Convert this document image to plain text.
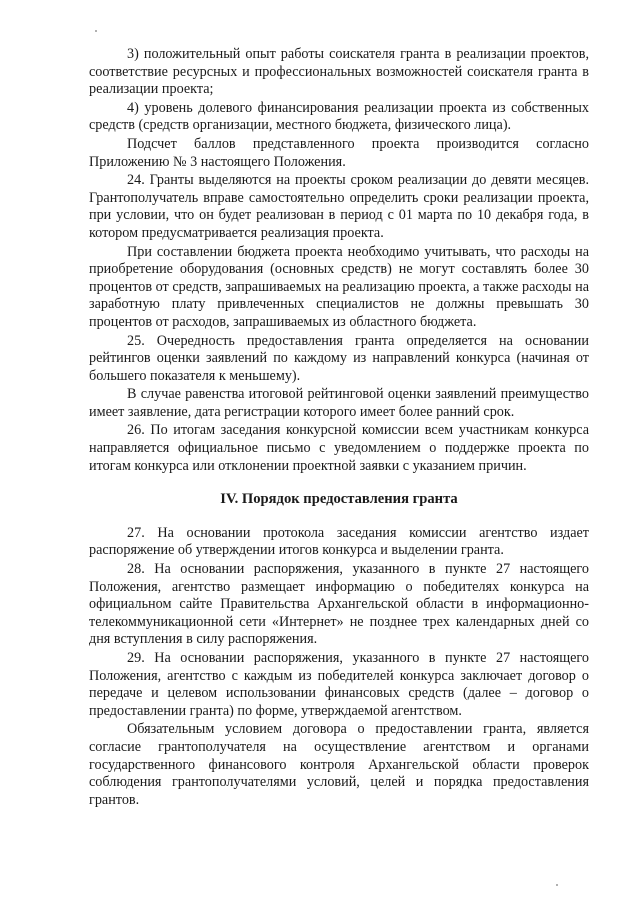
3) положительный опыт работы соискателя гранта в реализации проектов, соответствие ресурсных и профессиональных возможностей соискателя гранта в реализации проекта;

4) уровень долевого финансирования реализации проекта из собственных средств (средств организации, местного бюджета, физического лица).

Подсчет баллов представленного проекта производится согласно Приложению № 3 настоящего Положения.

24. Гранты выделяются на проекты сроком реализации до девяти месяцев. Грантополучатель вправе самостоятельно определить сроки реализации проекта, при условии, что он будет реализован в период с 01 марта по 10 декабря года, в котором предусматривается реализация проекта.

При составлении бюджета проекта необходимо учитывать, что расходы на приобретение оборудования (основных средств) не могут составлять более 30 процентов от средств, запрашиваемых на реализацию проекта, а также расходы на заработную плату привлеченных специалистов не должны превышать 30 процентов от расходов, запрашиваемых из областного бюджета.

25. Очередность предоставления гранта определяется на основании рейтингов оценки заявлений по каждому из направлений конкурса (начиная от большего показателя к меньшему).

В случае равенства итоговой рейтинговой оценки заявлений преимущество имеет заявление, дата регистрации которого имеет более ранний срок.

26. По итогам заседания конкурсной комиссии всем участникам конкурса направляется официальное письмо с уведомлением о поддержке проекта по итогам конкурса или отклонении проектной заявки с указанием причин.

IV. Порядок предоставления гранта

27. На основании протокола заседания комиссии агентство издает распоряжение об утверждении итогов конкурса и выделении гранта.

28. На основании распоряжения, указанного в пункте 27 настоящего Положения, агентство размещает информацию о победителях конкурса на официальном сайте Правительства Архангельской области в информационно-телекоммуникационной сети «Интернет» не позднее трех календарных дней со дня вступления в силу распоряжения.

29. На основании распоряжения, указанного в пункте 27 настоящего Положения, агентство с каждым из победителей конкурса заключает договор о передаче и целевом использовании финансовых средств (далее – договор о предоставлении гранта) по форме, утверждаемой агентством.

Обязательным условием договора о предоставлении гранта, является согласие грантополучателя на осуществление агентством и органами государственного финансового контроля Архангельской области проверок соблюдения грантополучателями условий, целей и порядка предоставления грантов.
